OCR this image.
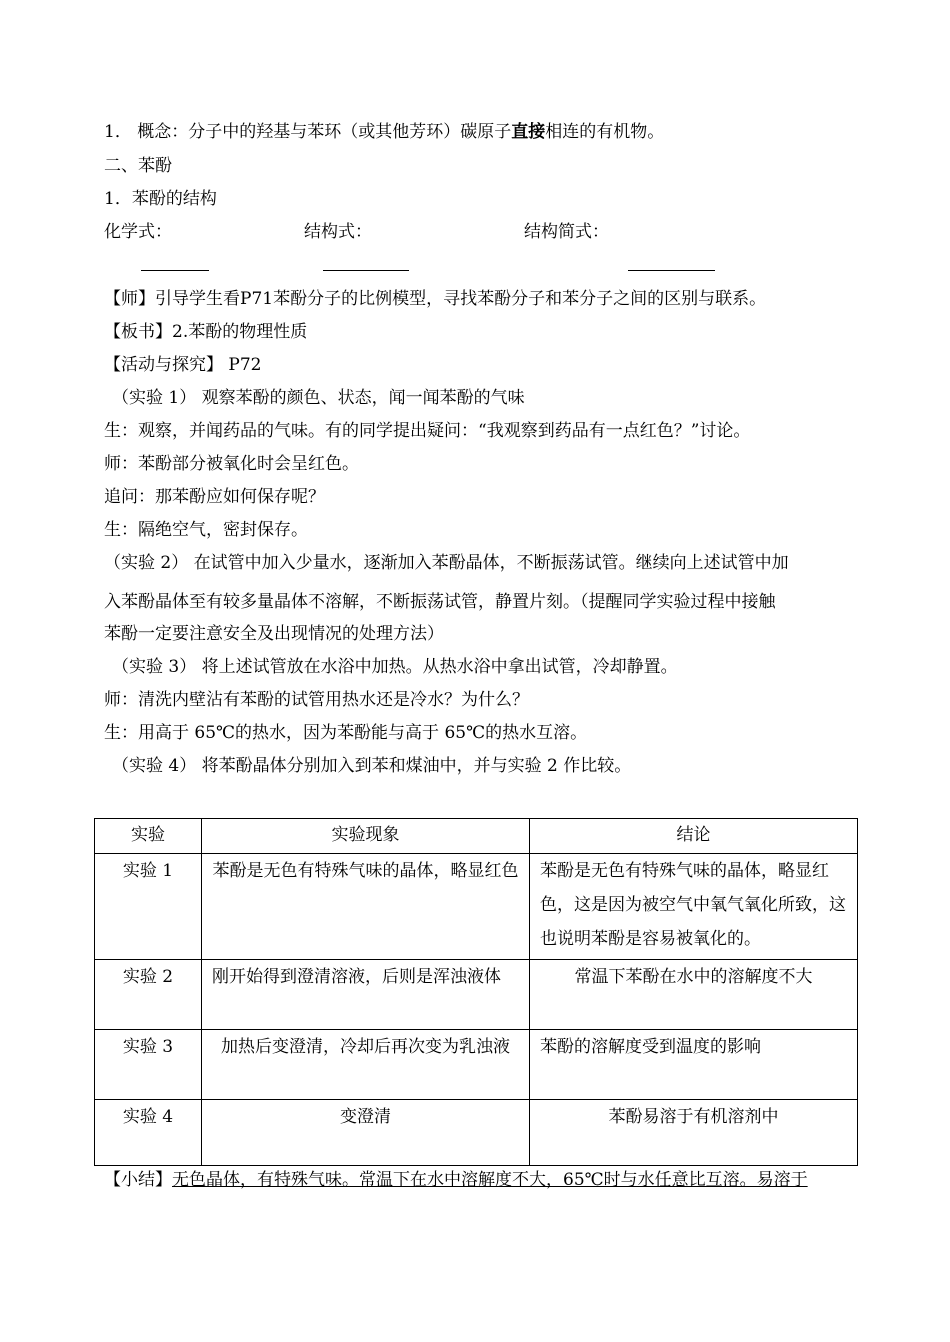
1． 概念：分子中的羟基与苯环（或其他芳环）碳原子直接相连的有机物。
二、苯酚
1．苯酚的结构
化学式：	结构式：	结构简式：
【师】引导学生看P71苯酚分子的比例模型，寻找苯酚分子和苯分子之间的区别与联系。
【板书】2.苯酚的物理性质
【活动与探究】 P72
（实验 1） 观察苯酚的颜色、状态，闻一闻苯酚的气味
生：观察，并闻药品的气味。有的同学提出疑问：“我观察到药品有一点红色？”讨论。
师：苯酚部分被氧化时会呈红色。
追问：那苯酚应如何保存呢？
生：隔绝空气，密封保存。
（实验 2） 在试管中加入少量水，逐渐加入苯酚晶体，不断振荡试管。继续向上述试管中加
入苯酚晶体至有较多量晶体不溶解，不断振荡试管，静置片刻。（提醒同学实验过程中接触
苯酚一定要注意安全及出现情况的处理方法）
（实验 3） 将上述试管放在水浴中加热。从热水浴中拿出试管，冷却静置。
师：清洗内壁沾有苯酚的试管用热水还是冷水？为什么？
生：用高于 65℃的热水，因为苯酚能与高于 65℃的热水互溶。
（实验 4） 将苯酚晶体分别加入到苯和煤油中，并与实验 2 作比较。
实验	实验现象	结论
实验 1	苯酚是无色有特殊气味的晶体，略显红色	苯酚是无色有特殊气味的晶体，略显红色，这是因为被空气中氧气氧化所致，这也说明苯酚是容易被氧化的。
实验 2	刚开始得到澄清溶液，后则是浑浊液体	常温下苯酚在水中的溶解度不大
实验 3	加热后变澄清，冷却后再次变为乳浊液	苯酚的溶解度受到温度的影响
实验 4	变澄清	苯酚易溶于有机溶剂中
【小结】无色晶体，有特殊气味。常温下在水中溶解度不大，65℃时与水任意比互溶。易溶于
